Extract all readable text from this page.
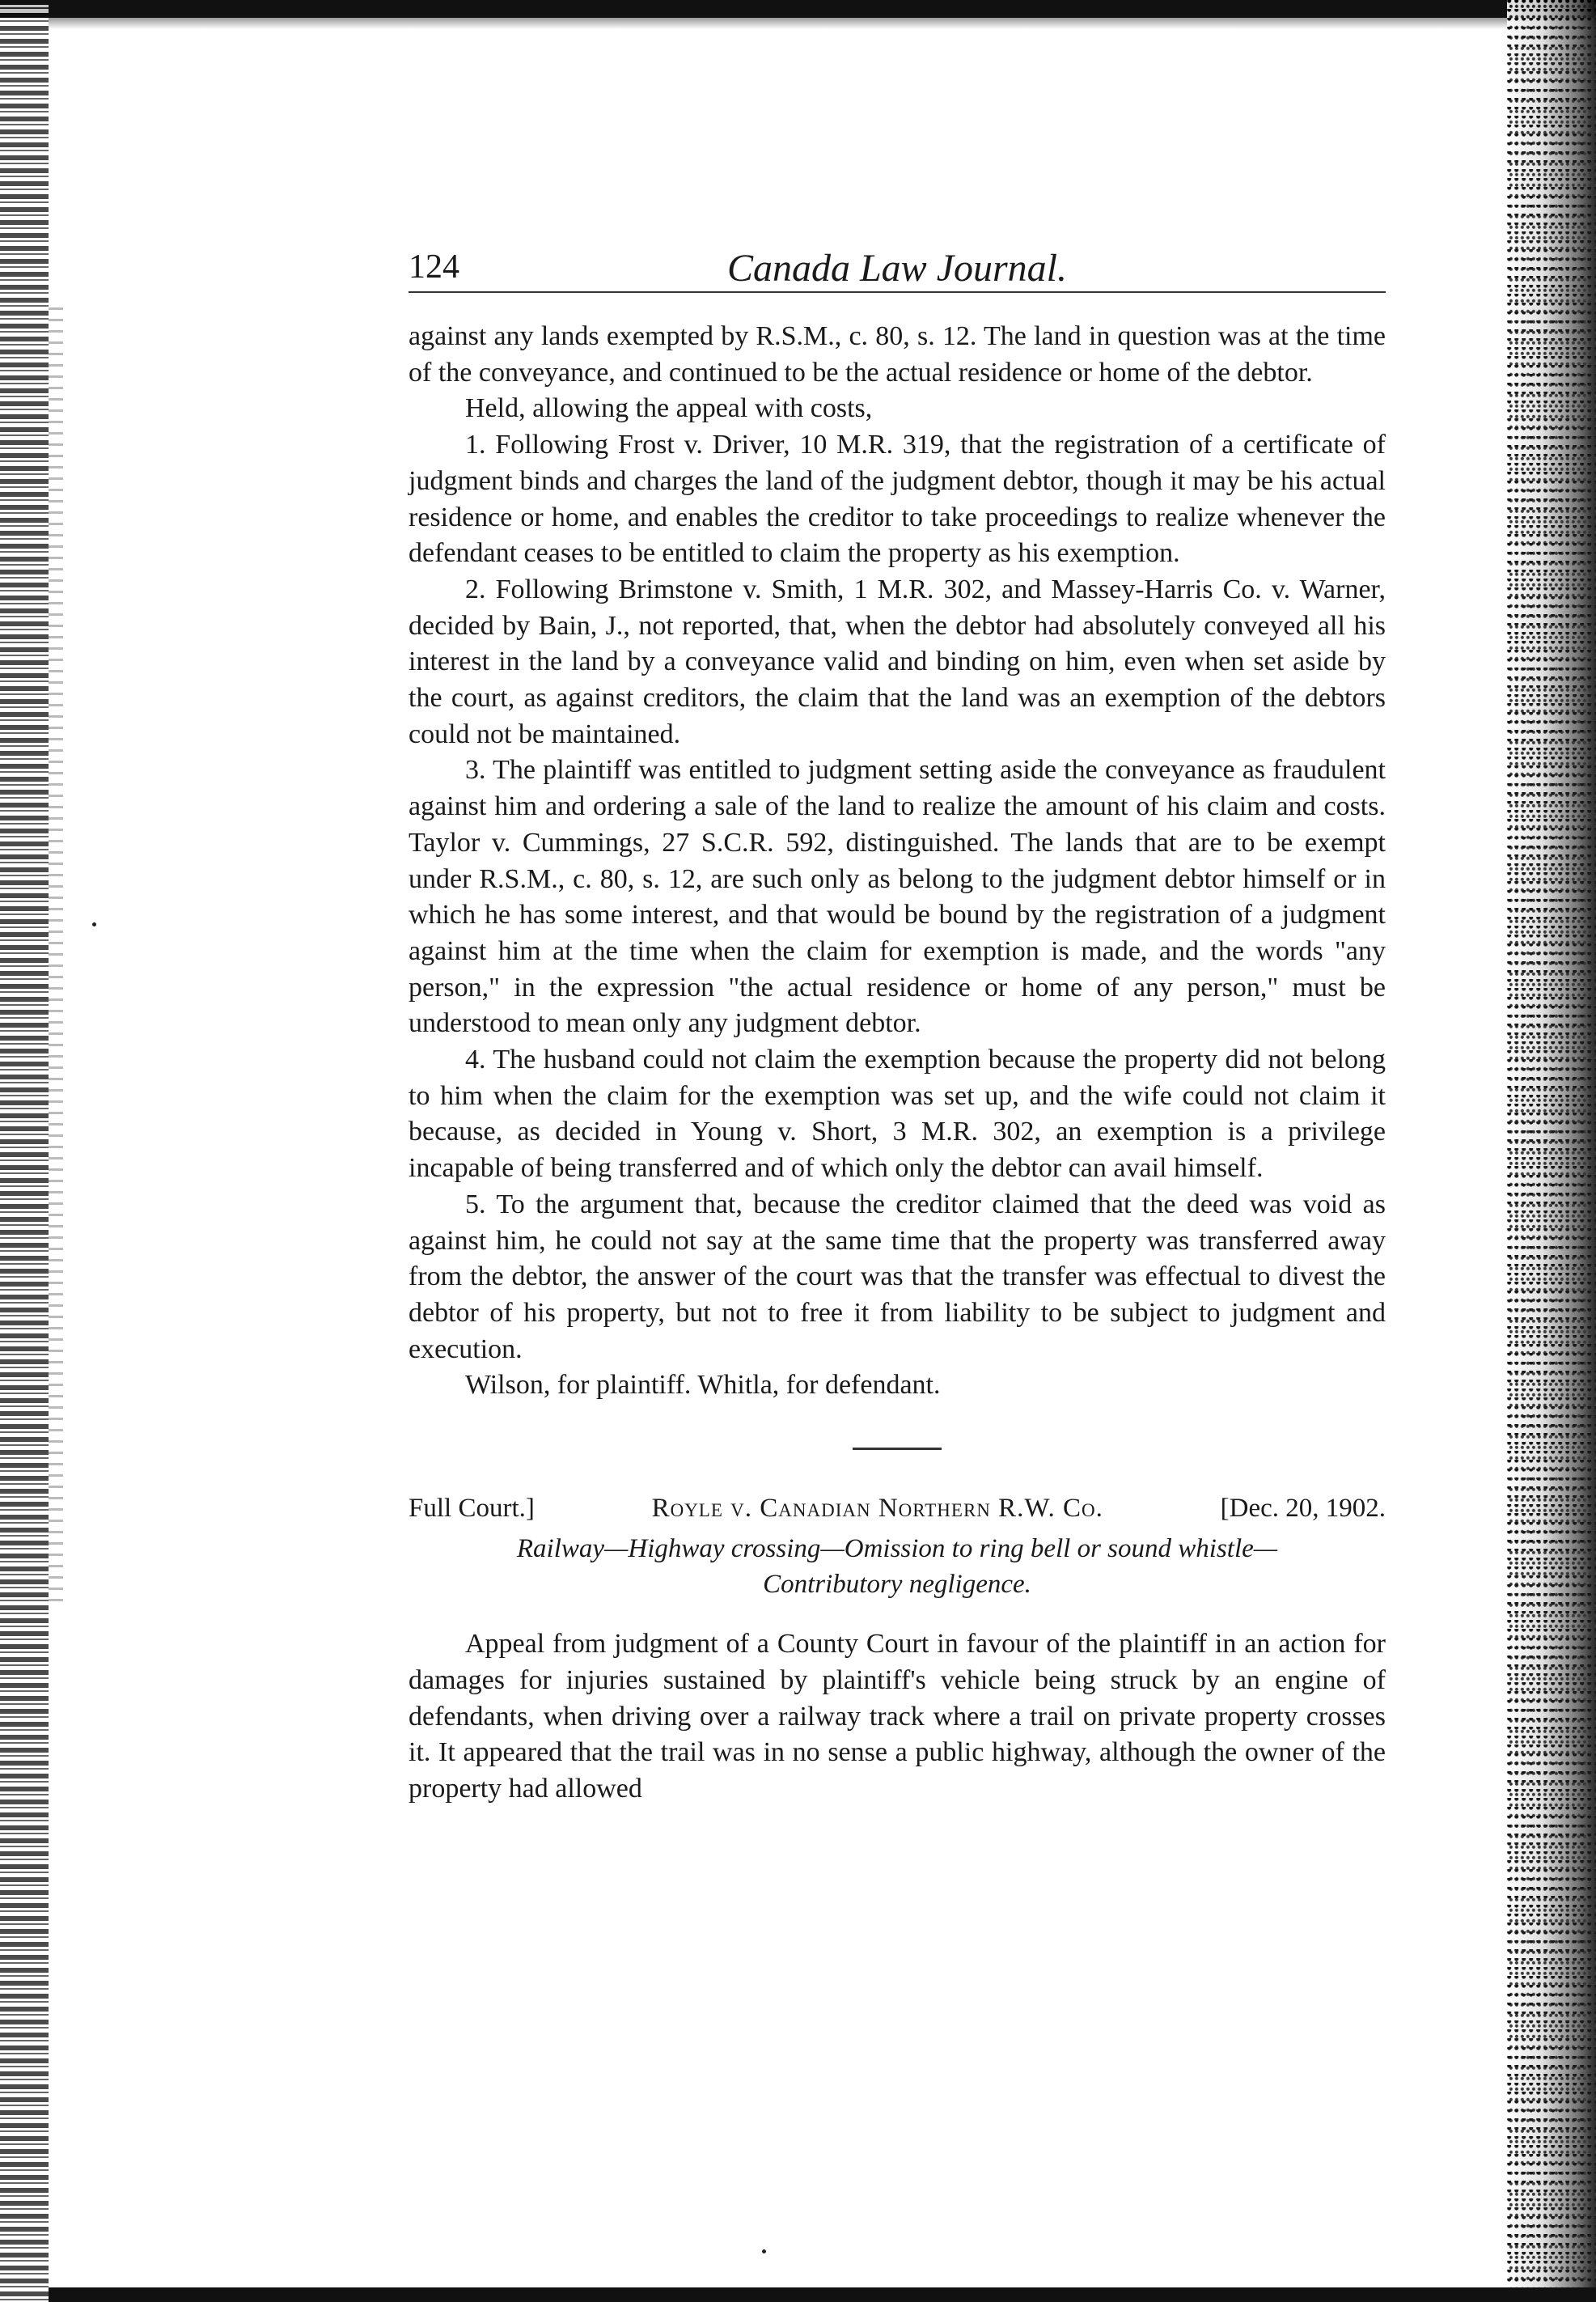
124	Canada Law Journal.

against any lands exempted by R.S.M., c. 80, s. 12. The land in question was at the time of the conveyance, and continued to be the actual residence or home of the debtor.

Held, allowing the appeal with costs,

1. Following Frost v. Driver, 10 M.R. 319, that the registration of a certificate of judgment binds and charges the land of the judgment debtor, though it may be his actual residence or home, and enables the creditor to take proceedings to realize whenever the defendant ceases to be entitled to claim the property as his exemption.

2. Following Brimstone v. Smith, 1 M.R. 302, and Massey-Harris Co. v. Warner, decided by Bain, J., not reported, that, when the debtor had absolutely conveyed all his interest in the land by a conveyance valid and binding on him, even when set aside by the court, as against creditors, the claim that the land was an exemption of the debtors could not be maintained.

3. The plaintiff was entitled to judgment setting aside the conveyance as fraudulent against him and ordering a sale of the land to realize the amount of his claim and costs. Taylor v. Cummings, 27 S.C.R. 592, distinguished. The lands that are to be exempt under R.S.M., c. 80, s. 12, are such only as belong to the judgment debtor himself or in which he has some interest, and that would be bound by the registration of a judgment against him at the time when the claim for exemption is made, and the words "any person," in the expression "the actual residence or home of any person," must be understood to mean only any judgment debtor.

4. The husband could not claim the exemption because the property did not belong to him when the claim for the exemption was set up, and the wife could not claim it because, as decided in Young v. Short, 3 M.R. 302, an exemption is a privilege incapable of being transferred and of which only the debtor can avail himself.

5. To the argument that, because the creditor claimed that the deed was void as against him, he could not say at the same time that the property was transferred away from the debtor, the answer of the court was that the transfer was effectual to divest the debtor of his property, but not to free it from liability to be subject to judgment and execution.

Wilson, for plaintiff. Whitla, for defendant.

Full Court.]	Royle v. Canadian Northern R.W. Co.	[Dec. 20, 1902.
Railway—Highway crossing—Omission to ring bell or sound whistle—
Contributory negligence.

Appeal from judgment of a County Court in favour of the plaintiff in an action for damages for injuries sustained by plaintiff's vehicle being struck by an engine of defendants, when driving over a railway track where a trail on private property crosses it. It appeared that the trail was in no sense a public highway, although the owner of the property had allowed
